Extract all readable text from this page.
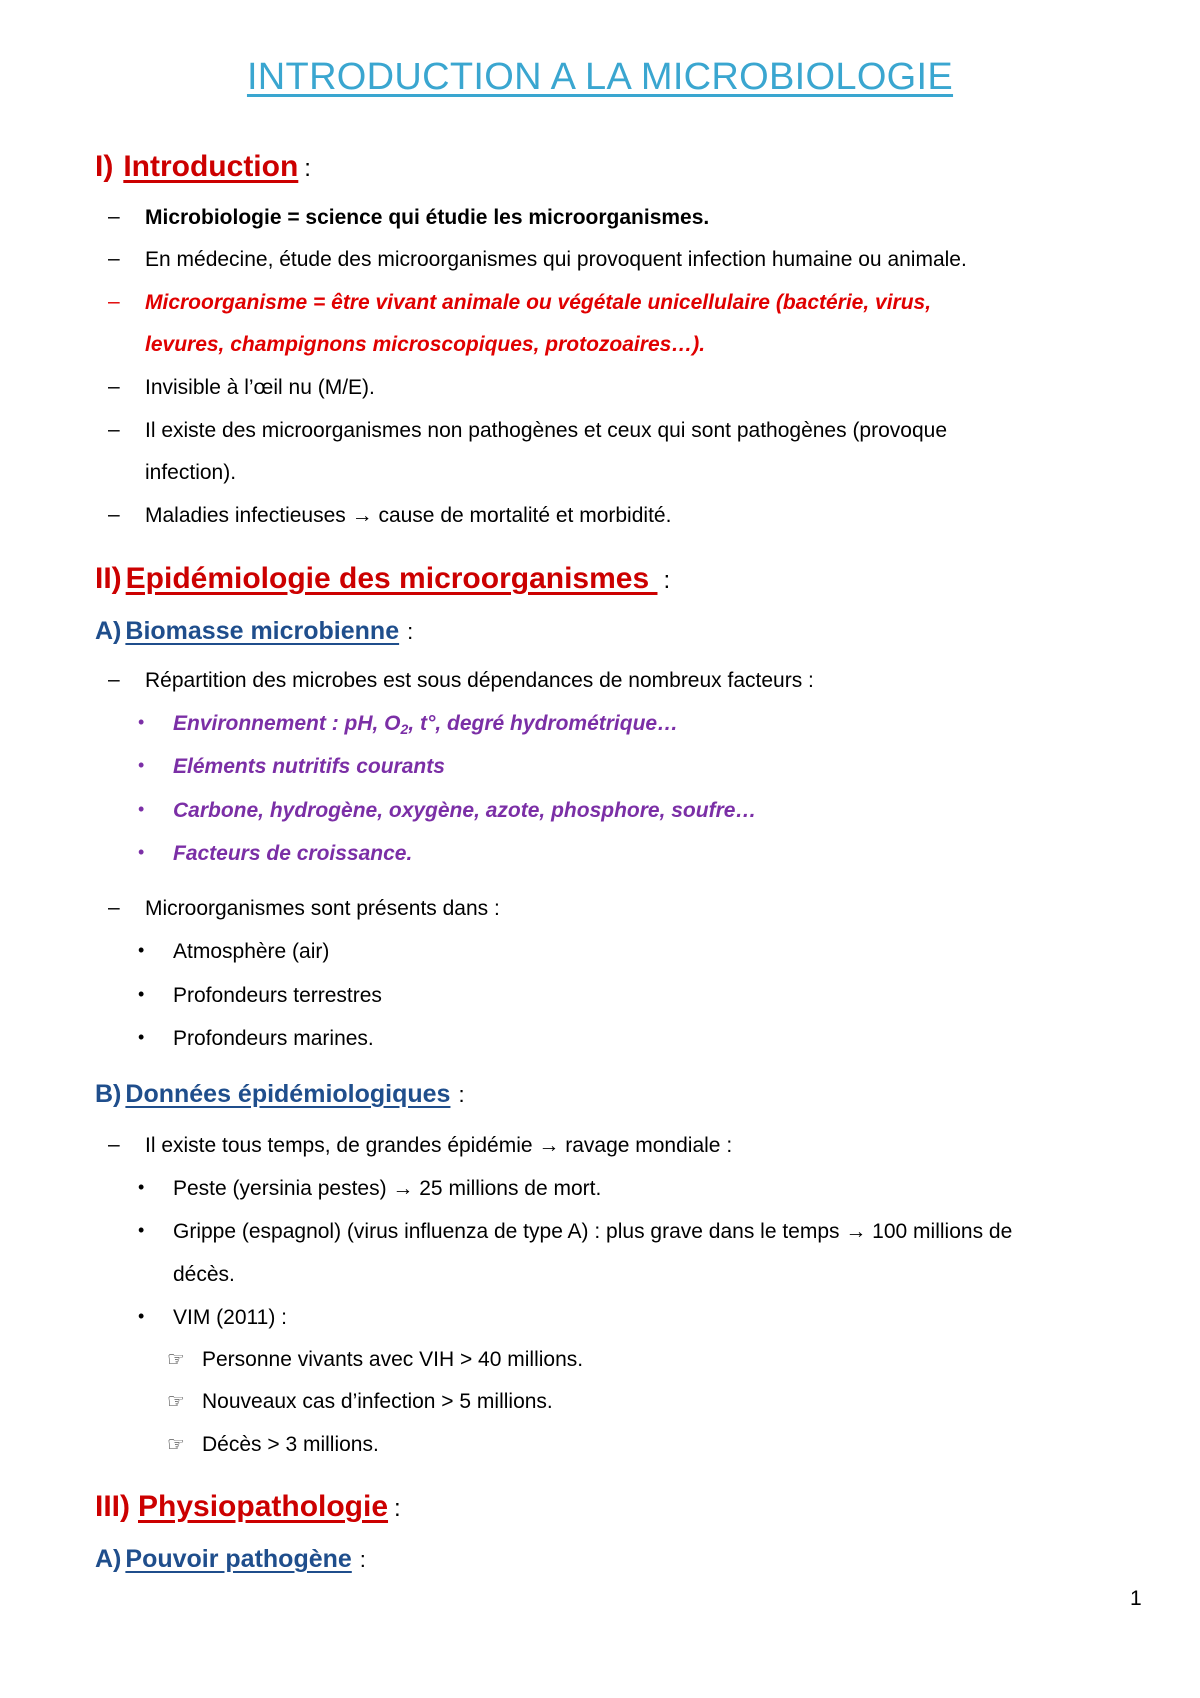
INTRODUCTION A LA MICROBIOLOGIE
I) Introduction :
– Microbiologie = science qui étudie les microorganismes.
– En médecine, étude des microorganismes qui provoquent infection humaine ou animale.
– Microorganisme = être vivant animale ou végétale unicellulaire (bactérie, virus,
levures, champignons microscopiques, protozoaires…).
– Invisible à l’œil nu (M/E).
– Il existe des microorganismes non pathogènes et ceux qui sont pathogènes (provoque
infection).
– Maladies infectieuses → cause de mortalité et morbidité.
II) Epidémiologie des microorganismes :
A) Biomasse microbienne :
– Répartition des microbes est sous dépendances de nombreux facteurs :
• Environnement : pH, $O_2$, t°, degré hydrométrique…
• Eléments nutritifs courants
• Carbone, hydrogène, oxygène, azote, phosphore, soufre…
• Facteurs de croissance.
– Microorganismes sont présents dans :
• Atmosphère (air)
• Profondeurs terrestres
• Profondeurs marines.
B) Données épidémiologiques :
– Il existe tous temps, de grandes épidémie → ravage mondiale :
• Peste (yersinia pestes) → 25 millions de mort.
• Grippe (espagnol) (virus influenza de type A) : plus grave dans le temps → 100 millions de
décès.
• VIM (2011) :
☞ Personne vivants avec VIH > 40 millions.
☞ Nouveaux cas d’infection > 5 millions.
☞ Décès > 3 millions.
III) Physiopathologie :
A) Pouvoir pathogène :
1
